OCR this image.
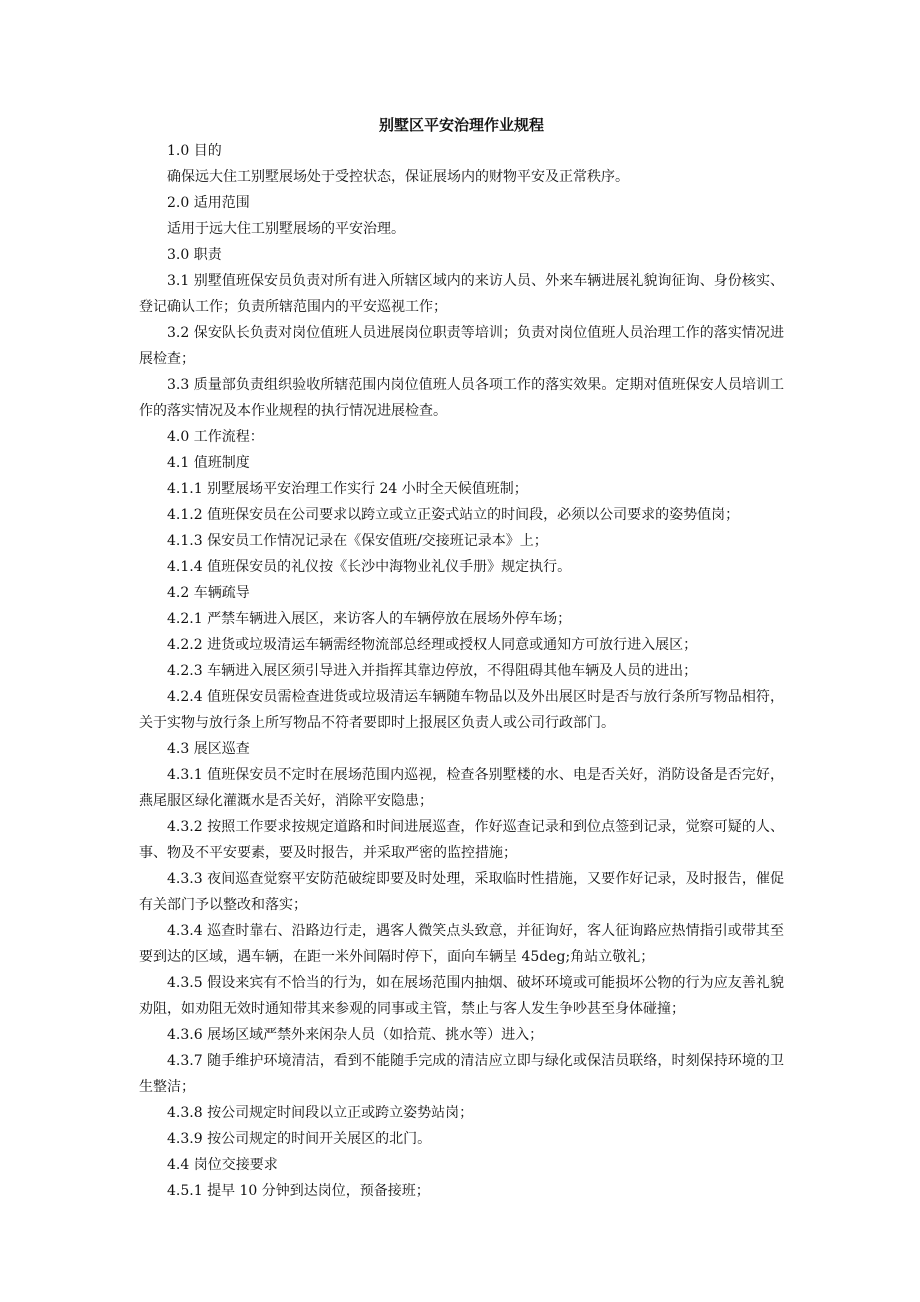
别墅区平安治理作业规程

1.0 目的

确保远大住工别墅展场处于受控状态，保证展场内的财物平安及正常秩序。

2.0 适用范围

适用于远大住工别墅展场的平安治理。

3.0 职责

3.1 别墅值班保安员负责对所有进入所辖区域内的来访人员、外来车辆进展礼貌询征询、身份核实、登记确认工作；负责所辖范围内的平安巡视工作；

3.2 保安队长负责对岗位值班人员进展岗位职责等培训；负责对岗位值班人员治理工作的落实情况进展检查；

3.3 质量部负责组织验收所辖范围内岗位值班人员各项工作的落实效果。定期对值班保安人员培训工作的落实情况及本作业规程的执行情况进展检查。

4.0 工作流程：

4.1 值班制度

4.1.1 别墅展场平安治理工作实行 24 小时全天候值班制；

4.1.2 值班保安员在公司要求以跨立或立正姿式站立的时间段，必须以公司要求的姿势值岗；

4.1.3 保安员工作情况记录在《保安值班/交接班记录本》上；

4.1.4 值班保安员的礼仪按《长沙中海物业礼仪手册》规定执行。

4.2 车辆疏导

4.2.1 严禁车辆进入展区，来访客人的车辆停放在展场外停车场；

4.2.2 进货或垃圾清运车辆需经物流部总经理或授权人同意或通知方可放行进入展区；

4.2.3 车辆进入展区须引导进入并指挥其靠边停放，不得阻碍其他车辆及人员的进出；

4.2.4 值班保安员需检查进货或垃圾清运车辆随车物品以及外出展区时是否与放行条所写物品相符，关于实物与放行条上所写物品不符者要即时上报展区负责人或公司行政部门。

4.3 展区巡查

4.3.1 值班保安员不定时在展场范围内巡视，检查各别墅楼的水、电是否关好，消防设备是否完好，燕尾服区绿化灌溉水是否关好，消除平安隐患；

4.3.2 按照工作要求按规定道路和时间进展巡查，作好巡查记录和到位点签到记录，觉察可疑的人、事、物及不平安要素，要及时报告，并采取严密的监控措施；

4.3.3 夜间巡查觉察平安防范破绽即要及时处理，采取临时性措施，又要作好记录，及时报告，催促有关部门予以整改和落实；

4.3.4 巡查时靠右、沿路边行走，遇客人微笑点头致意，并征询好，客人征询路应热情指引或带其至要到达的区域，遇车辆，在距一米外间隔时停下，面向车辆呈 45deg;角站立敬礼；

4.3.5 假设来宾有不恰当的行为，如在展场范围内抽烟、破坏环境或可能损坏公物的行为应友善礼貌劝阻，如劝阻无效时通知带其来参观的同事或主管，禁止与客人发生争吵甚至身体碰撞；

4.3.6 展场区域严禁外来闲杂人员（如拾荒、挑水等）进入；

4.3.7 随手维护环境清洁，看到不能随手完成的清洁应立即与绿化或保洁员联络，时刻保持环境的卫生整洁；

4.3.8 按公司规定时间段以立正或跨立姿势站岗；

4.3.9 按公司规定的时间开关展区的北门。

4.4 岗位交接要求

4.5.1 提早 10 分钟到达岗位，预备接班；
